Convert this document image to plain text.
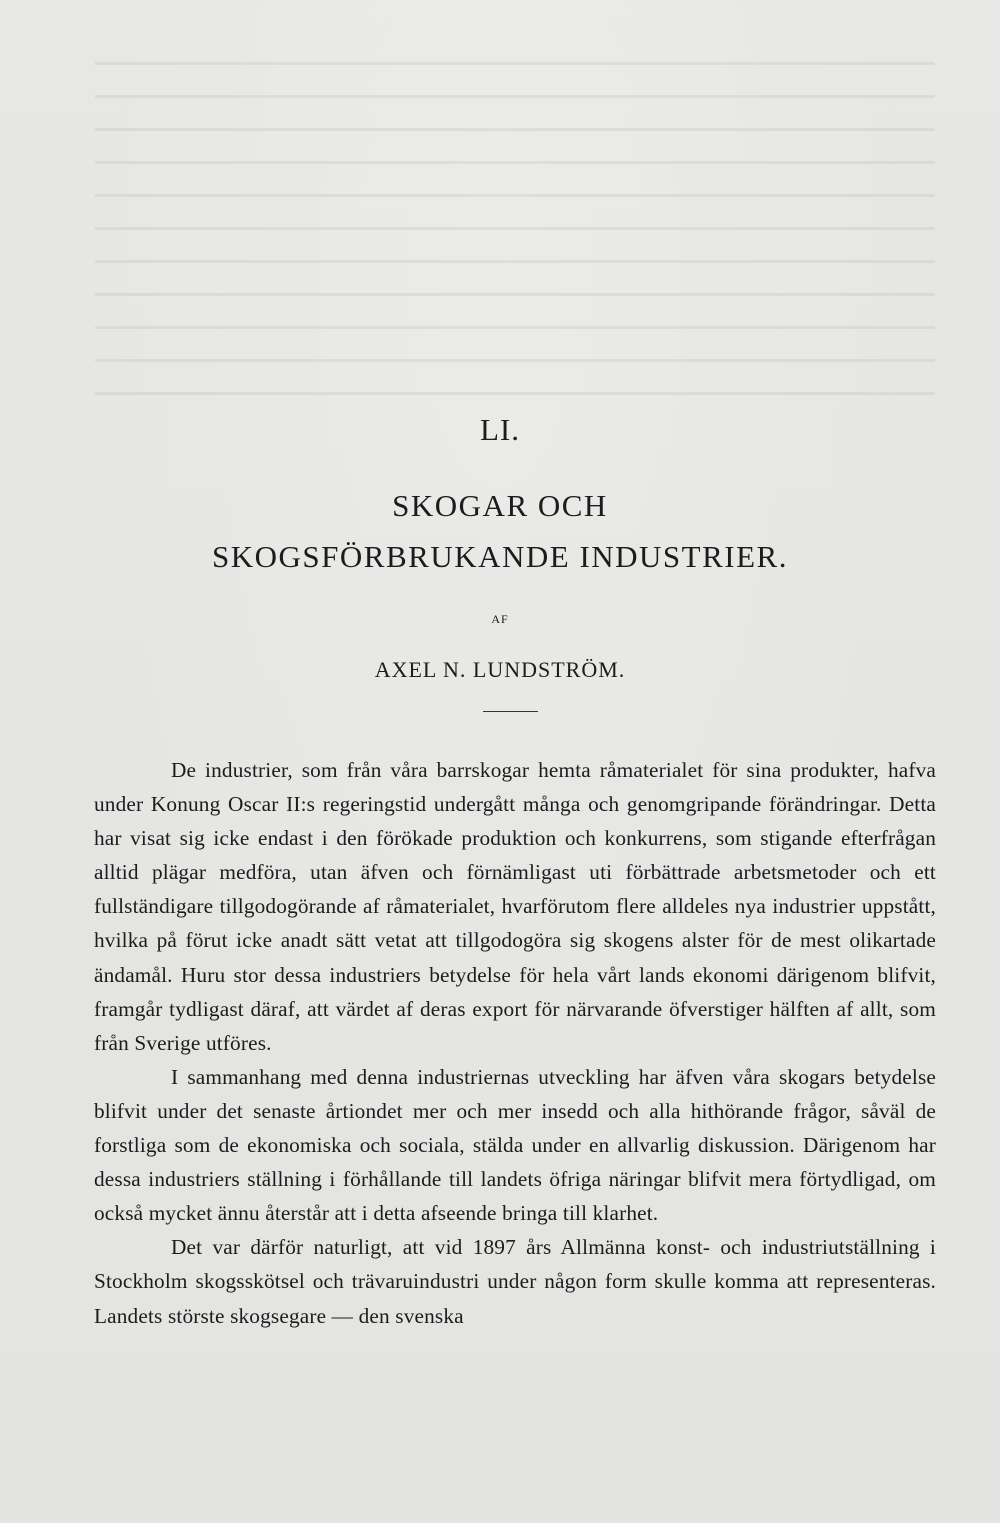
LI.
SKOGAR OCH
SKOGSFÖRBRUKANDE INDUSTRIER.
AF
AXEL N. LUNDSTRÖM.

De industrier, som från våra barrskogar hemta råmaterialet för sina produkter, hafva under Konung Oscar II:s regeringstid undergått många och genomgripande förändringar. Detta har visat sig icke endast i den förökade produktion och konkurrens, som stigande efterfrågan alltid plägar medföra, utan äfven och förnämligast uti förbättrade arbetsmetoder och ett fullständigare tillgodogörande af råmaterialet, hvarförutom flere alldeles nya industrier uppstått, hvilka på förut icke anadt sätt vetat att tillgodogöra sig skogens alster för de mest olikartade ändamål. Huru stor dessa industriers betydelse för hela vårt lands ekonomi därigenom blifvit, framgår tydligast däraf, att värdet af deras export för närvarande öfverstiger hälften af allt, som från Sverige utföres.

I sammanhang med denna industriernas utveckling har äfven våra skogars betydelse blifvit under det senaste årtiondet mer och mer insedd och alla hithörande frågor, såväl de forstliga som de ekonomiska och sociala, stälda under en allvarlig diskussion. Därigenom har dessa industriers ställning i förhållande till landets öfriga näringar blifvit mera förtydligad, om också mycket ännu återstår att i detta afseende bringa till klarhet.

Det var därför naturligt, att vid 1897 års Allmänna konst- och industriutställning i Stockholm skogsskötsel och trävaruindustri under någon form skulle komma att representeras. Landets störste skogsegare — den svenska
